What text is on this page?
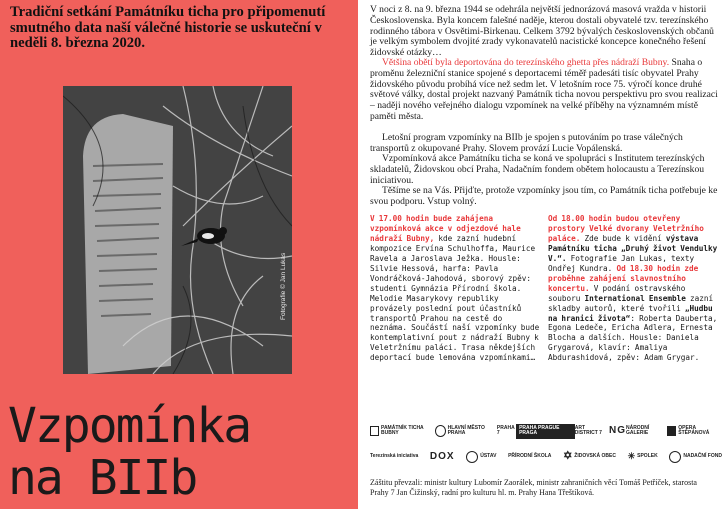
Tradiční setkání Památníku ticha pro připomenutí smutného data naší válečné historie se uskuteční v neděli 8. března 2020.
Fotografie © Jan Lukas
Vzpomínka
na BIIb
V noci z 8. na 9. března 1944 se odehrála největší jednorázová masová vražda v historii Československa. Byla koncem falešné naděje, kterou dostali obyvatelé tzv. terezínského rodinného tábora v Osvětimi-Birkenau. Celkem 3792 bývalých československých občanů je velkým symbolem dvojité zrady vykonavatelů nacistické koncepce konečného řešení židovské otázky…
Většina obětí byla deportována do terezínského ghetta přes nádraží Bubny. Snaha o proměnu železniční stanice spojené s deportacemi téměř padesáti tisíc obyvatel Prahy židovského původu probíhá více než sedm let. V letošním roce 75. výročí konce druhé světové války, dostal projekt nazvaný Památník ticha novou perspektivu pro svou realizaci – naději nového veřejného dialogu vzpomínek na velké příběhy na významném místě paměti města.
Letošní program vzpomínky na BIIb je spojen s putováním po trase válečných transportů z okupované Prahy. Slovem provází Lucie Vopálenská.
Vzpomínková akce Památníku ticha se koná ve spolupráci s Institutem terezínských skladatelů, Židovskou obcí Praha, Nadačním fondem obětem holocaustu a Terezínskou iniciativou.
Těšíme se na Vás. Přijďte, protože vzpomínky jsou tím, co Památník ticha potřebuje ke svou podporu. Vstup volný.
V 17.00 hodin bude zahájena vzpomínková akce v odjezdové hale nádraží Bubny, kde zazní hudební kompozice Ervína Schulhoffa, Maurice Ravela a Jaroslava Ježka. Housle: Silvie Hessová, harfa: Pavla Vondráčková-Jahodová, sborový zpěv: studenti Gymnázia Přírodní škola. Melodie Masarykovy republiky provázely poslední pout účastníků transportů Prahou na cestě do neznáma. Součástí naší vzpomínky bude kontemplativní pout z nádraží Bubny k Veletržnímu paláci. Trasa někdejších deportací bude lemována vzpomínkami…
Od 18.00 hodin budou otevřeny prostory Velké dvorany Veletržního paláce. Zde bude k vidění výstava Památníku ticha „Druhý život Vendulky V.“. Fotografie Jan Lukas, texty Ondřej Kundra. Od 18.30 hodin zde proběhne zahájení slavnostního koncertu. V podání ostravského souboru International Ensemble zazní skladby autorů, které tvořili „Hudbu na hranici života“: Roberta Dauberta, Egona Ledeče, Ericha Adlera, Ernesta Blocha a dalších. Housle: Daniela Grygarová, klavír: Amaliya Abdurashidová, zpěv: Adam Grygar.
PAMÁTNÍK TICHA BUBNY
HLAVNÍ MĚSTO PRAHA
PRAHA 7
PRAHA PRAGUE PRAGA
ART DISTRICT 7 NG NÁRODNÍ GALERIE
OPERA ŠTĚPÁNOVÁ
Terezínská iniciativa DOX	ÚSTAV PŘÍRODNÍ ŠKOLA ✡ ŽIDOVSKÁ OBEC ✳ SPOLEK	NADAČNÍ FOND
Záštitu převzali: ministr kultury Lubomír Zaorálek, ministr zahraničních věcí Tomáš Petříček, starosta Prahy 7 Jan Čižinský, radní pro kulturu hl. m. Prahy Hana Třeštíková.
